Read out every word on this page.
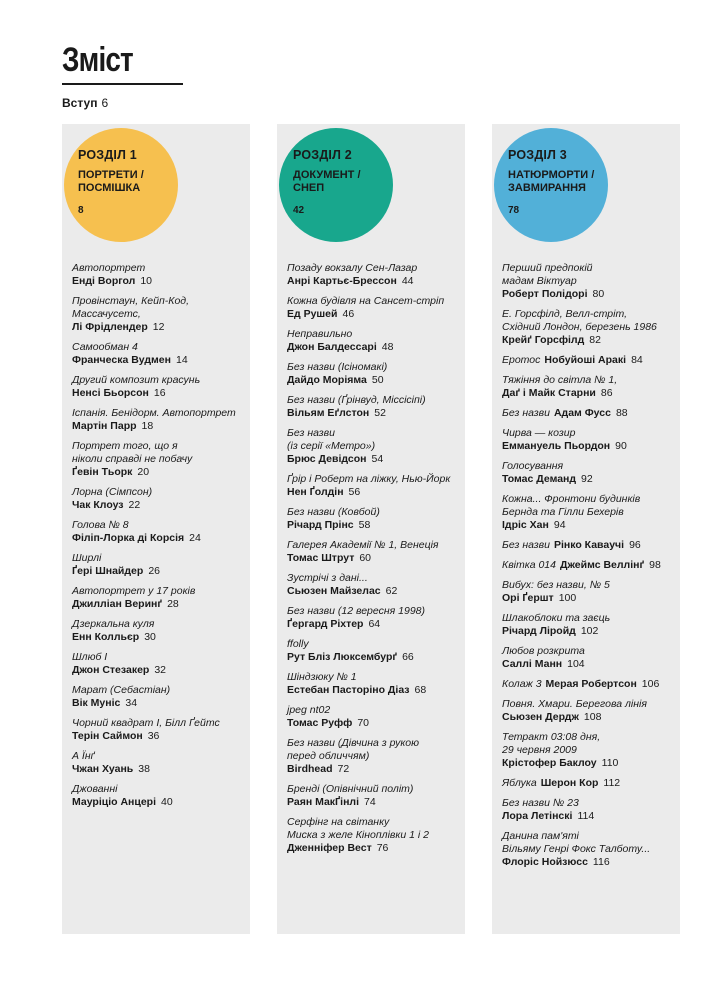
Зміст
Вступ 6
РОЗДІЛ 1
ПОРТРЕТИ /
ПОСМІШКА
8
Автопортрет
Енді Воргол 10
Провінстаун, Кейп-Код,
Массачусетс,
Лі Фрідлендер 12
Самообман 4
Франческа Вудмен 14
Другий композит красунь
Ненсі Бьорсон 16
Іспанія. Бенідорм. Автопортрет
Мартін Парр 18
Портрет того, що я
ніколи справді не побачу
Ґевін Тьорк 20
Лорна (Сімпсон)
Чак Клоуз 22
Голова № 8
Філіп-Лорка ді Корсія 24
Ширлі
Ґері Шнайдер 26
Автопортрет у 17 років
Джилліан Веринґ 28
Дзеркальна куля
Енн Колльєр 30
Шлюб І
Джон Стезакер 32
Марат (Себастіан)
Вік Муніс 34
Чорний квадрат І, Білл Ґейтс
Терін Саймон 36
А Їнґ
Чжан Хуань 38
Джованні
Мауріціо Анцері 40
РОЗДІЛ 2
ДОКУМЕНТ /
СНЕП
42
Позаду вокзалу Сен-Лазар
Анрі Картьє-Брессон 44
Кожна будівля на Сансет-стріп
Ед Рушей 46
Неправильно
Джон Балдессарі 48
Без назви (Ісіномакі)
Дайдо Моріяма 50
Без назви (Ґрінвуд, Міссісіпі)
Вільям Еґлстон 52
Без назви
(із серії «Метро»)
Брюс Девідсон 54
Ґрір і Роберт на ліжку, Нью-Йорк
Нен Ґолдін 56
Без назви (Ковбой)
Річард Прінс 58
Галерея Академії № 1, Венеція
Томас Штрут 60
Зустрічі з дані...
Сьюзен Майзелас 62
Без назви (12 вересня 1998)
Ґергард Ріхтер 64
ffolly
Рут Бліз Люксембурґ 66
Шіндзюку № 1
Естебан Пасторіно Діаз 68
jpeg nt02
Томас Руфф 70
Без назви (Дівчина з рукою
перед обличчям)
Birdhead 72
Бренді (Опівнічний політ)
Раян МакҐінлі 74
Серфінг на світанку
Миска з желе Кіноплівки 1 і 2
Дженніфер Вест 76
РОЗДІЛ 3
НАТЮРМОРТИ /
ЗАВМИРАННЯ
78
Перший предпокій
мадам Віктуар
Роберт Полідорі 80
Е. Горсфілд, Велл-стріт,
Східний Лондон, березень 1986
Крейґ Горсфілд 82
Еротос Нобуйоші Аракі 84
Тяжіння до світла № 1,
Даґ і Майк Старни 86
Без назви Адам Фусс 88
Чирва — козир
Еммануель Пьордон 90
Голосування
Томас Деманд 92
Кожна... Фронтони будинків
Бернда та Гілли Бехерів
Ідріс Хан 94
Без назви Рінко Каваучі 96
Квітка 014 Джеймс Веллінґ 98
Вибух: без назви, № 5
Орі Ґершт 100
Шлакоблоки та заєць
Річард Ліройд 102
Любов розкрита
Саллі Манн 104
Колаж 3 Мерая Робертсон 106
Повня. Хмари. Берегова лінія
Сьюзен Дердж 108
Тетракт 03:08 дня,
29 червня 2009
Крістофер Баклоу 110
Яблука Шерон Кор 112
Без назви № 23
Лора Летінскі 114
Данина пам'яті
Вільяму Генрі Фокс Талботу...
Флоріс Нойзюсс 116
